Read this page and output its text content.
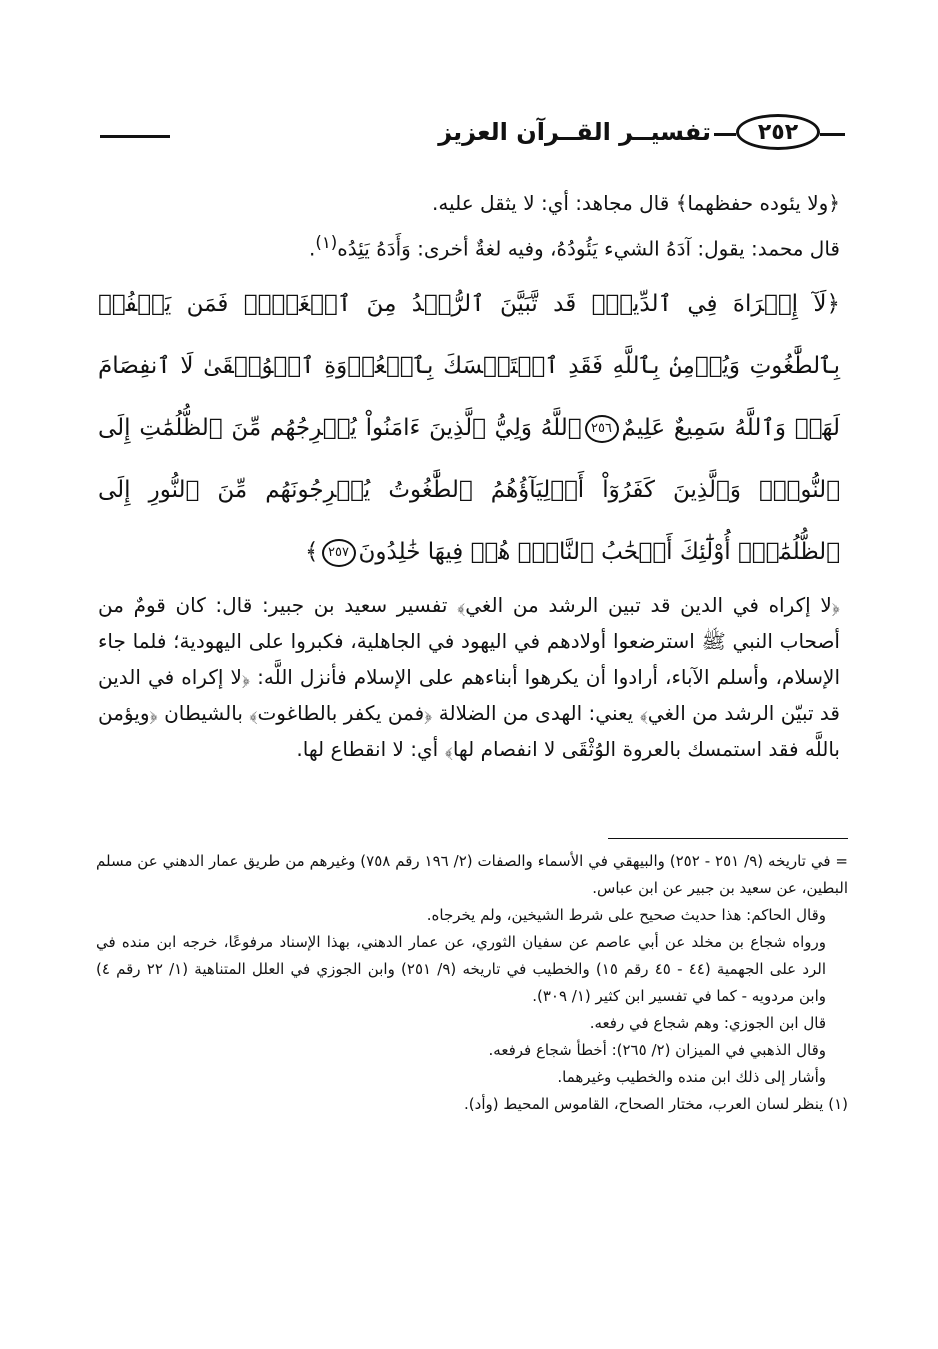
٢٥٢
تفسيــر القــرآن العزيز

﴿ولا يئوده حفظهما﴾ قال مجاهد: أي: لا يثقل عليه.

قال محمد: يقول: آدَهُ الشيء يَئُودُهُ، وفيه لغةٌ أخرى: وَأَدَهُ يَئِدُه$^{(١)}$.

﴿لَآ إِكۡرَاهَ فِي ٱلدِّينِۖ قَد تَّبَيَّنَ ٱلرُّشۡدُ مِنَ ٱلۡغَيِّۚ فَمَن يَكۡفُرۡ بِٱلطَّٰغُوتِ وَيُؤۡمِنۢ بِٱللَّهِ فَقَدِ ٱسۡتَمۡسَكَ بِٱلۡعُرۡوَةِ ٱلۡوُثۡقَىٰ لَا ٱنفِصَامَ لَهَاۗ وَٱللَّهُ سَمِيعٌ عَلِيمٌ٢٥٦ٱللَّهُ وَلِيُّ ٱلَّذِينَ ءَامَنُواْ يُخۡرِجُهُم مِّنَ ٱلظُّلُمَٰتِ إِلَى ٱلنُّورِۖ وَٱلَّذِينَ كَفَرُوٓاْ أَوۡلِيَآؤُهُمُ ٱلطَّٰغُوتُ يُخۡرِجُونَهُم مِّنَ ٱلنُّورِ إِلَى ٱلظُّلُمَٰتِۗ أُوْلَٰٓئِكَ أَصۡحَٰبُ ٱلنَّارِۖ هُمۡ فِيهَا خَٰلِدُونَ٢٥٧﴾

﴿لا إكراه في الدين قد تبين الرشد من الغي﴾ تفسير سعيد بن جبير: قال: كان قومٌ من أصحاب النبي ﷺ استرضعوا أولادهم في اليهود في الجاهلية، فكبروا على اليهودية؛ فلما جاء الإسلام، وأسلم الآباء، أرادوا أن يكرهوا أبناءهم على الإسلام فأنزل اللَّه: ﴿لا إكراه في الدين قد تبيّن الرشد من الغي﴾ يعني: الهدى من الضلالة ﴿فمن يكفر بالطاغوت﴾ بالشيطان ﴿ويؤمن باللَّه فقد استمسك بالعروة الوُثْقَى لا انفصام لها﴾ أي: لا انقطاع لها.

= في تاريخه (٩/ ٢٥١ - ٢٥٢) والبيهقي في الأسماء والصفات (٢/ ١٩٦ رقم ٧٥٨) وغيرهم من طريق عمار الدهني عن مسلم البطين، عن سعيد بن جبير عن ابن عباس.

وقال الحاكم: هذا حديث صحيح على شرط الشيخين، ولم يخرجاه.

ورواه شجاع بن مخلد عن أبي عاصم عن سفيان الثوري، عن عمار الدهني، بهذا الإسناد مرفوعًا، خرجه ابن منده في الرد على الجهمية (٤٤ - ٤٥ رقم ١٥) والخطيب في تاريخه (٩/ ٢٥١) وابن الجوزي في العلل المتناهية (١/ ٢٢ رقم ٤) وابن مردويه - كما في تفسير ابن كثير (١/ ٣٠٩).

قال ابن الجوزي: وهم شجاع في رفعه.

وقال الذهبي في الميزان (٢/ ٢٦٥): أخطأ شجاع فرفعه.

وأشار إلى ذلك ابن منده والخطيب وغيرهما.

(١) ينظر لسان العرب، مختار الصحاح، القاموس المحيط (وأد).
